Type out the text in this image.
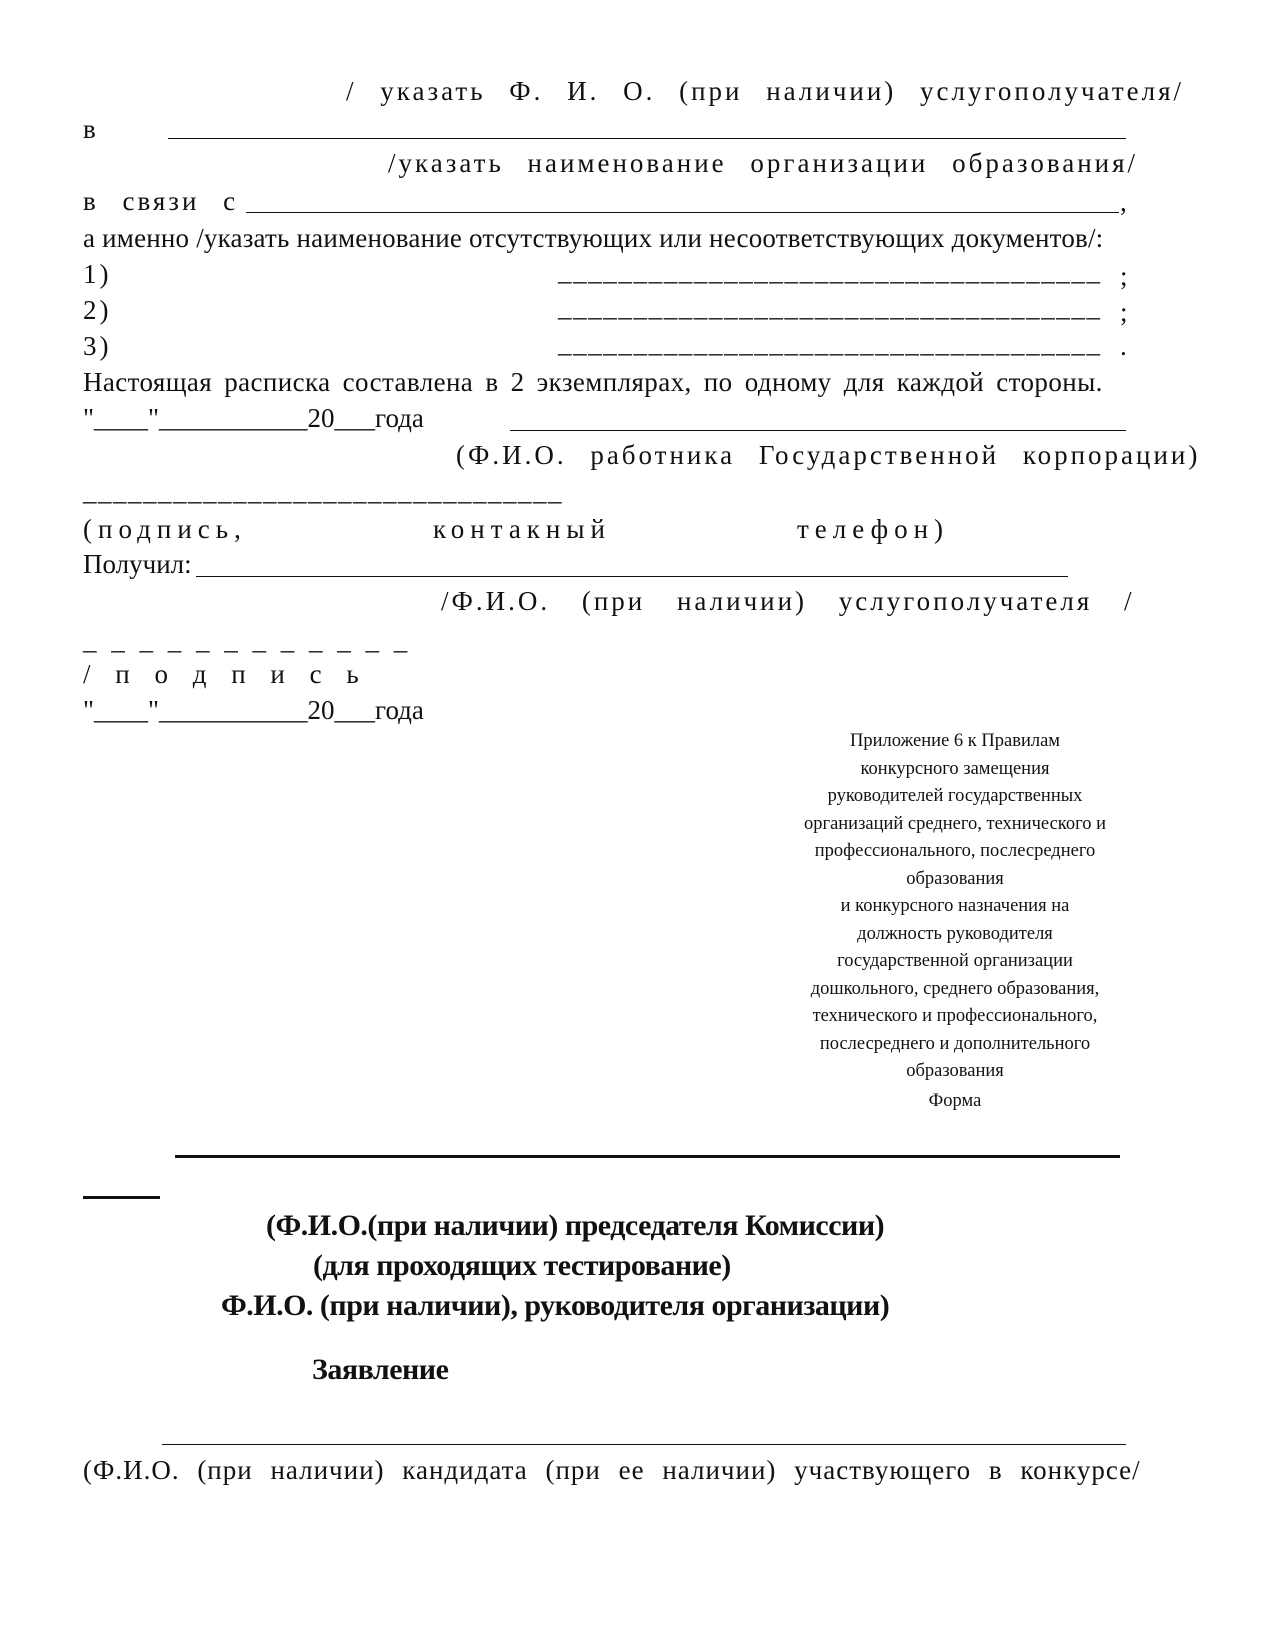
/ указать Ф. И. О. (при наличии) услугополучателя/
в
/указать наименование организации образования/
в связи с	,
а именно /указать наименование отсутствующих или несоответствующих документов/:
1)	____________________________________ ;
2)	____________________________________ ;
3)	____________________________________ .
Настоящая расписка составлена в 2 экземплярах, по одному для каждой стороны.
"____"___________20___года
(Ф.И.О. работника Государственной корпорации)
________________________________
(подпись,	контакный	телефон)
Получил:
/Ф.И.О. (при наличии) услугополучателя /
_ _ _ _ _ _ _ _ _ _ _ _
/ п о д п и с ь
"____"___________20___года
Приложение 6 к Правилам
конкурсного замещения
руководителей государственных
организаций среднего, технического и
профессионального, послесреднего
образования
и конкурсного назначения на
должность руководителя
государственной организации
дошкольного, среднего образования,
технического и профессионального,
послесреднего и дополнительного
образования
Форма
(Ф.И.О.(при наличии) председателя Комиссии)
(для проходящих тестирование)
Ф.И.О. (при наличии), руководителя организации)
Заявление
(Ф.И.О. (при наличии) кандидата (при ее наличии) участвующего в конкурсе/
